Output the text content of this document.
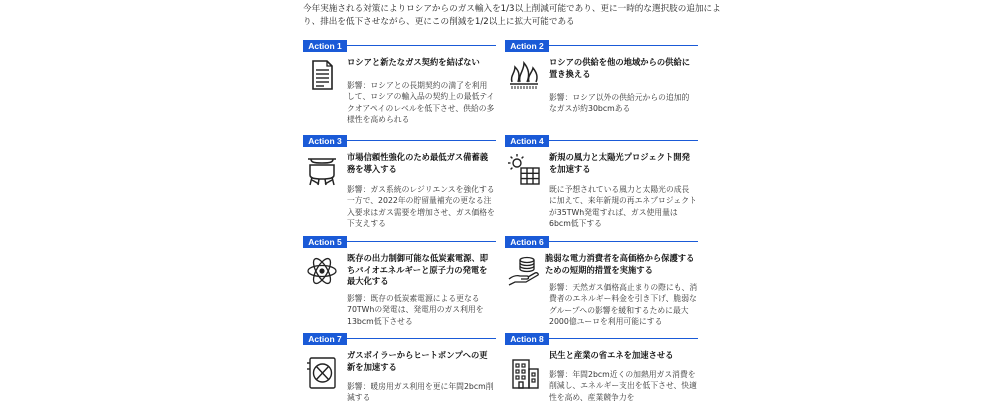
今年実施される対策によりロシアからのガス輸入を1/3以上削減可能であり、更に一時的な選択肢の追加により、排出を低下させながら、更にこの削減を1/2以上に拡大可能である
Action 1
ロシアと新たなガス契約を結ばない
影響：ロシアとの長期契約の満了を利用して、ロシアの輸入品の契約上の最低テイクオアペイのレベルを低下させ、供給の多様性を高められる
Action 2
ロシアの供給を他の地域からの供給に置き換える
影響：ロシア以外の供給元からの追加的なガスが約30bcmある
Action 3
市場信頼性強化のため最低ガス備蓄義務を導入する
影響：ガス系統のレジリエンスを強化する一方で、2022年の貯留量補充の更なる注入要求はガス需要を増加させ、ガス価格を下支えする
Action 4
新規の風力と太陽光プロジェクト開発を加速する
既に予想されている風力と太陽光の成長に加えて、来年新規の再エネプロジェクトが35TWh発電すれば、ガス使用量は6bcm低下する
Action 5
既存の出力制御可能な低炭素電源、即ちバイオエネルギーと原子力の発電を最大化する
影響：既存の低炭素電源による更なる70TWhの発電は、発電用のガス利用を13bcm低下させる
Action 6
脆弱な電力消費者を高価格から保護するための短期的措置を実施する
影響：天然ガス価格高止まりの際にも、消費者のエネルギー料金を引き下げ、脆弱なグループへの影響を緩和するために最大2000億ユーロを利用可能にする
Action 7
ガスボイラーからヒートポンプへの更新を加速する
影響：暖房用ガス利用を更に年間2bcm削減する
Action 8
民生と産業の省エネを加速させる
影響：年間2bcm近くの加熱用ガス消費を削減し、エネルギー支出を低下させ、快適性を高め、産業競争力を
